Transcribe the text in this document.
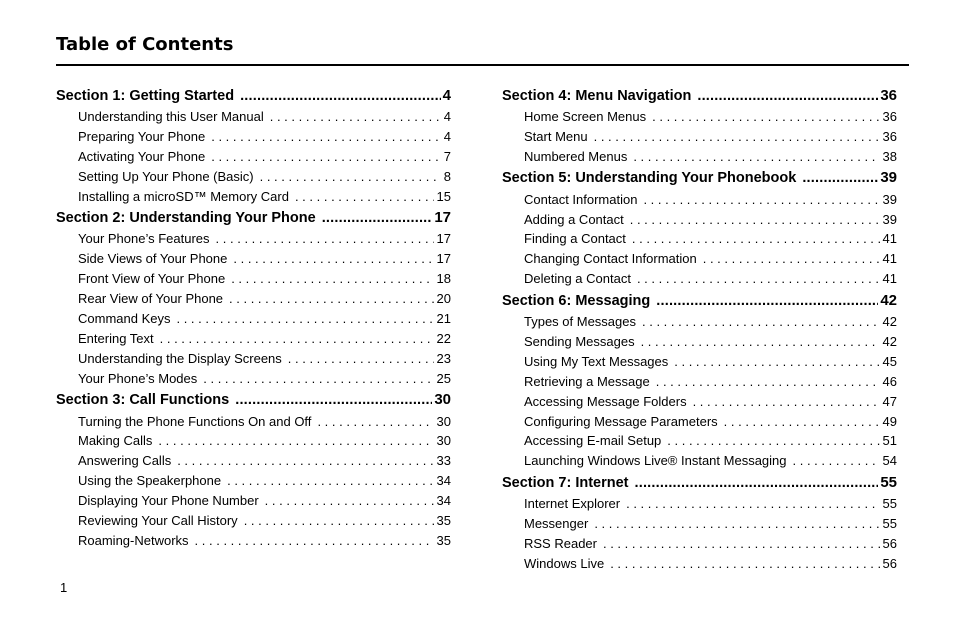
Table of Contents
Section 1: Getting Started .....	4
Understanding this User Manual . . .	4
Preparing Your Phone . . .	4
Activating Your Phone . . .	7
Setting Up Your Phone (Basic) . . .	8
Installing a microSD™ Memory Card . . .	15
Section 2: Understanding Your Phone .....	17
Your Phone’s Features . . .	17
Side Views of Your Phone . . .	17
Front View of Your Phone . . .	18
Rear View of Your Phone . . .	20
Command Keys . . .	21
Entering Text . . .	22
Understanding the Display Screens . . .	23
Your Phone’s Modes . . .	25
Section 3: Call Functions .....	30
Turning the Phone Functions On and Off . . .	30
Making Calls . . .	30
Answering Calls . . .	33
Using the Speakerphone . . .	34
Displaying Your Phone Number . . .	34
Reviewing Your Call History . . .	35
Roaming-Networks . . .	35
Section 4: Menu Navigation .....	36
Home Screen Menus . . .	36
Start Menu . . .	36
Numbered Menus . . .	38
Section 5: Understanding Your Phonebook .....	39
Contact Information . . .	39
Adding a Contact . . .	39
Finding a Contact . . .	41
Changing Contact Information . . .	41
Deleting a Contact . . .	41
Section 6: Messaging .....	42
Types of Messages . . .	42
Sending Messages . . .	42
Using My Text Messages . . .	45
Retrieving a Message . . .	46
Accessing Message Folders . . .	47
Configuring Message Parameters . . .	49
Accessing E-mail Setup . . .	51
Launching Windows Live® Instant Messaging . . .	54
Section 7: Internet .....	55
Internet Explorer . . .	55
Messenger . . .	55
RSS Reader . . .	56
Windows Live . . .	56
1
